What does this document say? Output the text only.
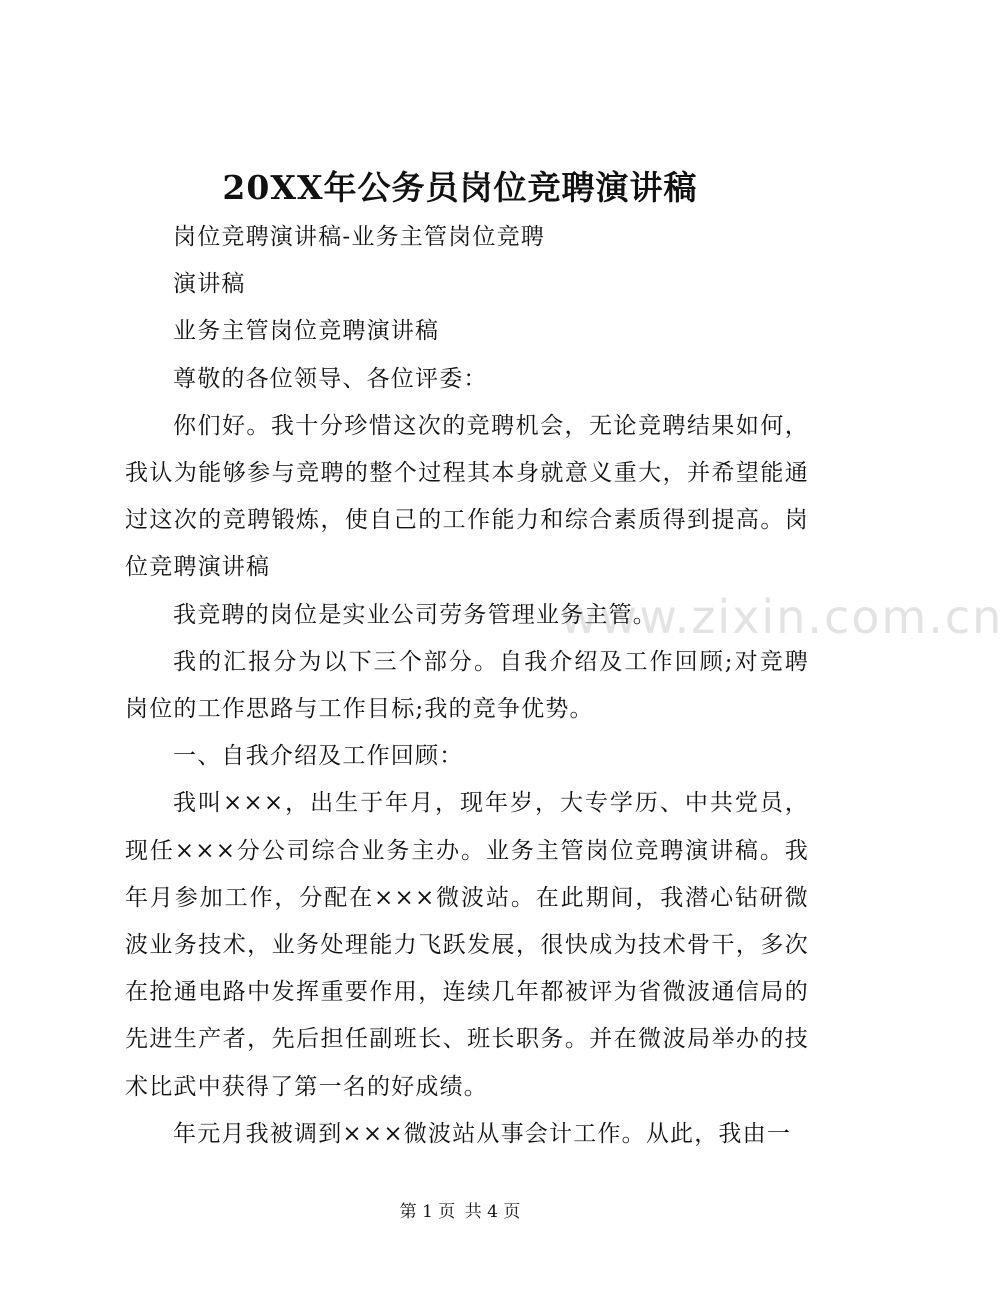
20XX年公务员岗位竞聘演讲稿
www.zixin.com.cn

岗位竞聘演讲稿-业务主管岗位竞聘

演讲稿

业务主管岗位竞聘演讲稿

尊敬的各位领导、各位评委：

你们好。我十分珍惜这次的竞聘机会，无论竞聘结果如何，我认为能够参与竞聘的整个过程其本身就意义重大，并希望能通过这次的竞聘锻炼，使自己的工作能力和综合素质得到提高。岗位竞聘演讲稿

我竞聘的岗位是实业公司劳务管理业务主管。

我的汇报分为以下三个部分。自我介绍及工作回顾;对竞聘岗位的工作思路与工作目标;我的竞争优势。

一、自我介绍及工作回顾：

我叫×××，出生于年月，现年岁，大专学历、中共党员，现任×××分公司综合业务主办。业务主管岗位竞聘演讲稿。我年月参加工作，分配在×××微波站。在此期间，我潜心钻研微波业务技术，业务处理能力飞跃发展，很快成为技术骨干，多次在抢通电路中发挥重要作用，连续几年都被评为省微波通信局的先进生产者，先后担任副班长、班长职务。并在微波局举办的技术比武中获得了第一名的好成绩。

年元月我被调到×××微波站从事会计工作。从此，我由一

第 1 页 共 4 页
